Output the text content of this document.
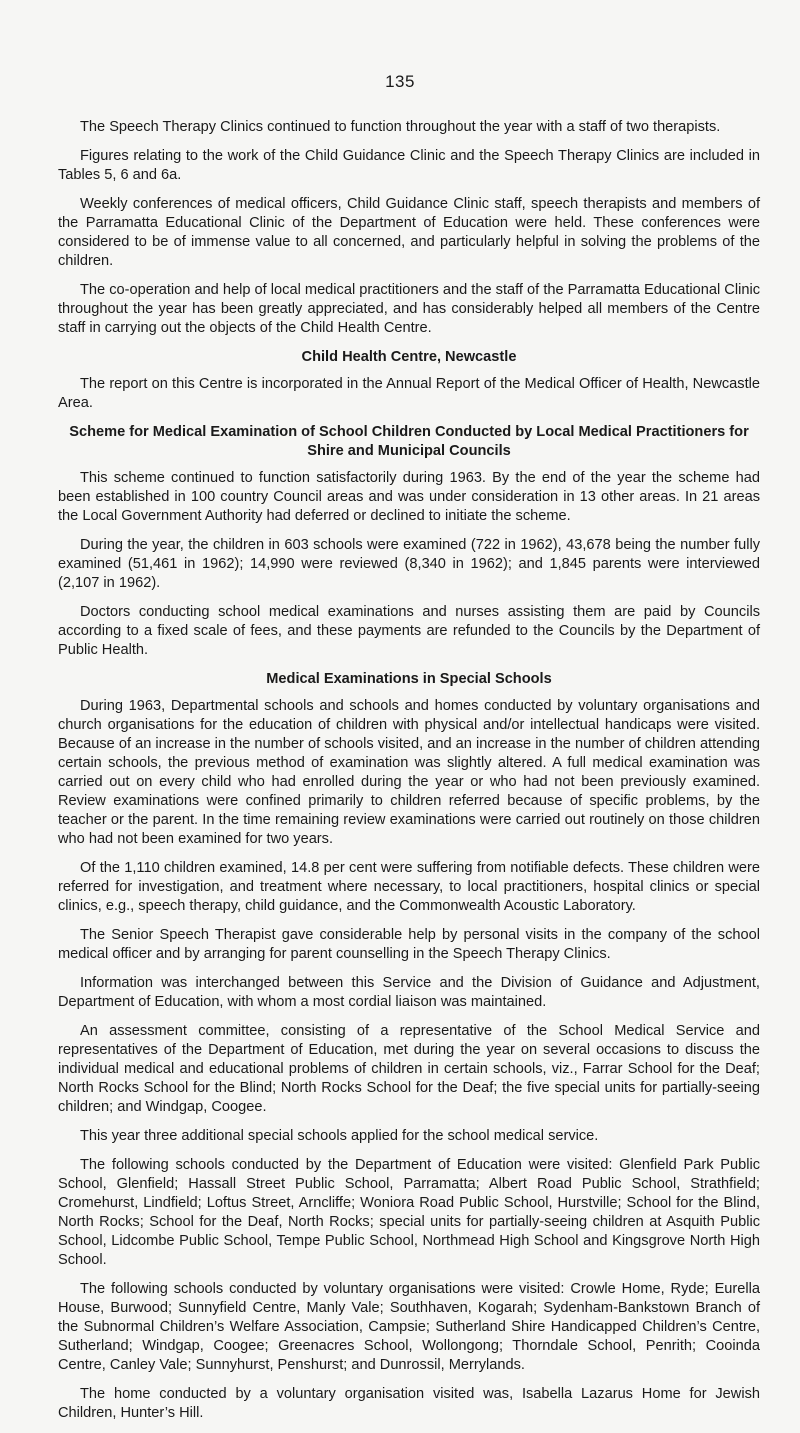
135

The Speech Therapy Clinics continued to function throughout the year with a staff of two therapists.

Figures relating to the work of the Child Guidance Clinic and the Speech Therapy Clinics are included in Tables 5, 6 and 6a.

Weekly conferences of medical officers, Child Guidance Clinic staff, speech therapists and members of the Parramatta Educational Clinic of the Department of Education were held. These conferences were considered to be of immense value to all concerned, and particularly helpful in solving the problems of the children.

The co-operation and help of local medical practitioners and the staff of the Parramatta Educational Clinic throughout the year has been greatly appreciated, and has considerably helped all members of the Centre staff in carrying out the objects of the Child Health Centre.

Child Health Centre, Newcastle

The report on this Centre is incorporated in the Annual Report of the Medical Officer of Health, Newcastle Area.

Scheme for Medical Examination of School Children Conducted by Local Medical Practitioners for Shire and Municipal Councils

This scheme continued to function satisfactorily during 1963. By the end of the year the scheme had been established in 100 country Council areas and was under consideration in 13 other areas. In 21 areas the Local Government Authority had deferred or declined to initiate the scheme.

During the year, the children in 603 schools were examined (722 in 1962), 43,678 being the number fully examined (51,461 in 1962); 14,990 were reviewed (8,340 in 1962); and 1,845 parents were interviewed (2,107 in 1962).

Doctors conducting school medical examinations and nurses assisting them are paid by Councils according to a fixed scale of fees, and these payments are refunded to the Councils by the Department of Public Health.

Medical Examinations in Special Schools

During 1963, Departmental schools and schools and homes conducted by voluntary organisations and church organisations for the education of children with physical and/or intellectual handicaps were visited. Because of an increase in the number of schools visited, and an increase in the number of children attending certain schools, the previous method of examination was slightly altered. A full medical examination was carried out on every child who had enrolled during the year or who had not been previously examined. Review examinations were confined primarily to children referred because of specific problems, by the teacher or the parent. In the time remaining review examinations were carried out routinely on those children who had not been examined for two years.

Of the 1,110 children examined, 14.8 per cent were suffering from notifiable defects. These children were referred for investigation, and treatment where necessary, to local practitioners, hospital clinics or special clinics, e.g., speech therapy, child guidance, and the Commonwealth Acoustic Laboratory.

The Senior Speech Therapist gave considerable help by personal visits in the company of the school medical officer and by arranging for parent counselling in the Speech Therapy Clinics.

Information was interchanged between this Service and the Division of Guidance and Adjustment, Department of Education, with whom a most cordial liaison was maintained.

An assessment committee, consisting of a representative of the School Medical Service and representatives of the Department of Education, met during the year on several occasions to discuss the individual medical and educational problems of children in certain schools, viz., Farrar School for the Deaf; North Rocks School for the Blind; North Rocks School for the Deaf; the five special units for partially-seeing children; and Windgap, Coogee.

This year three additional special schools applied for the school medical service.

The following schools conducted by the Department of Education were visited: Glenfield Park Public School, Glenfield; Hassall Street Public School, Parramatta; Albert Road Public School, Strathfield; Cromehurst, Lindfield; Loftus Street, Arncliffe; Woniora Road Public School, Hurstville; School for the Blind, North Rocks; School for the Deaf, North Rocks; special units for partially-seeing children at Asquith Public School, Lidcombe Public School, Tempe Public School, Northmead High School and Kingsgrove North High School.

The following schools conducted by voluntary organisations were visited: Crowle Home, Ryde; Eurella House, Burwood; Sunnyfield Centre, Manly Vale; Southhaven, Kogarah; Sydenham-Bankstown Branch of the Subnormal Children’s Welfare Association, Campsie; Sutherland Shire Handicapped Children’s Centre, Sutherland; Windgap, Coogee; Greenacres School, Wollongong; Thorndale School, Penrith; Cooinda Centre, Canley Vale; Sunnyhurst, Penshurst; and Dunrossil, Merrylands.

The home conducted by a voluntary organisation visited was, Isabella Lazarus Home for Jewish Children, Hunter’s Hill.
